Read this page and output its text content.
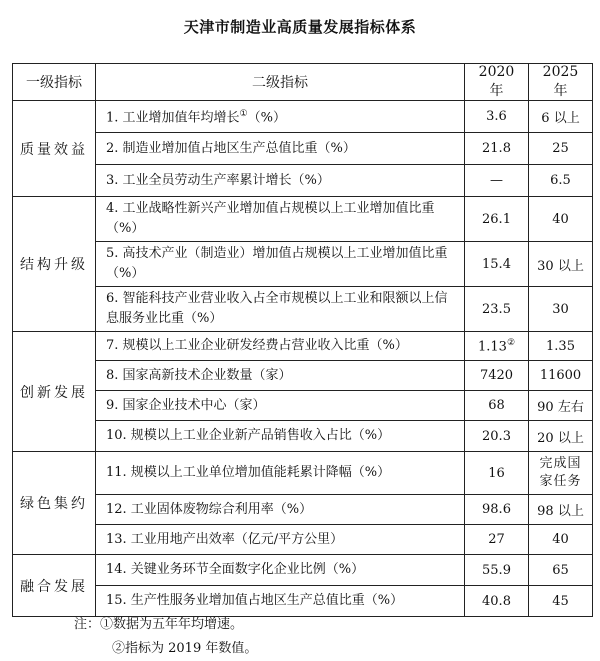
天津市制造业高质量发展指标体系
一级指标	二级指标	2020 年	2025 年
质量效益	1. 工业增加值年均增长①（%）	3.6	6 以上
	2. 制造业增加值占地区生产总值比重（%）	21.8	25
	3. 工业全员劳动生产率累计增长（%）	—	6.5
结构升级	4. 工业战略性新兴产业增加值占规模以上工业增加值比重（%）	26.1	40
	5. 高技术产业（制造业）增加值占规模以上工业增加值比重（%）	15.4	30 以上
	6. 智能科技产业营业收入占全市规模以上工业和限额以上信息服务业比重（%）	23.5	30
创新发展	7. 规模以上工业企业研发经费占营业收入比重（%）	1.13②	1.35
	8. 国家高新技术企业数量（家）	7420	11600
	9. 国家企业技术中心（家）	68	90 左右
	10. 规模以上工业企业新产品销售收入占比（%）	20.3	20 以上
绿色集约	11. 规模以上工业单位增加值能耗累计降幅（%）	16	完成国家任务
	12. 工业固体废物综合利用率（%）	98.6	98 以上
	13. 工业用地产出效率（亿元/平方公里）	27	40
融合发展	14. 关键业务环节全面数字化企业比例（%）	55.9	65
	15. 生产性服务业增加值占地区生产总值比重（%）	40.8	45
注：①数据为五年年均增速。
②指标为 2019 年数值。
